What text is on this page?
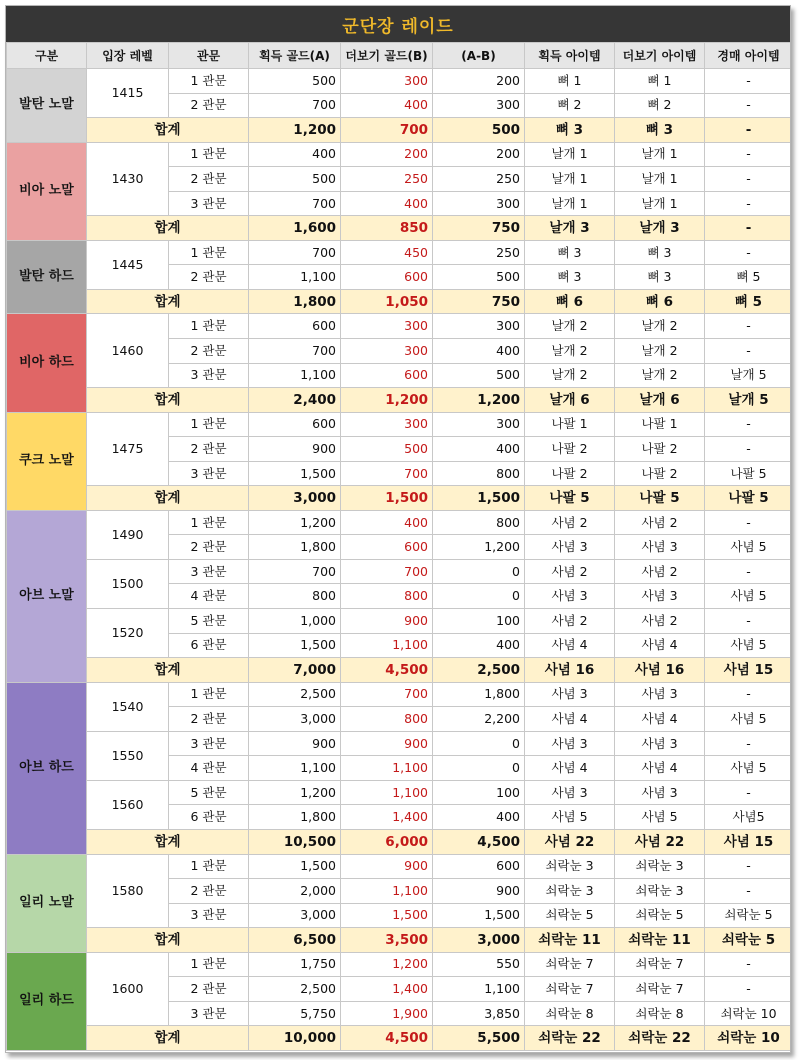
군단장 레이드
구분	입장 레벨	관문	획득 골드(A)	더보기 골드(B)	(A-B)	획득 아이템	더보기 아이템	경매 아이템
발탄 노말	1415	1 관문	500	300	200	뼈 1	뼈 1	-
		2 관문	700	400	300	뼈 2	뼈 2	-
	합계		1,200	700	500	뼈 3	뼈 3	-
비아 노말	1430	1 관문	400	200	200	날개 1	날개 1	-
		2 관문	500	250	250	날개 1	날개 1	-
		3 관문	700	400	300	날개 1	날개 1	-
	합계		1,600	850	750	날개 3	날개 3	-
발탄 하드	1445	1 관문	700	450	250	뼈 3	뼈 3	-
		2 관문	1,100	600	500	뼈 3	뼈 3	뼈 5
	합계		1,800	1,050	750	뼈 6	뼈 6	뼈 5
비아 하드	1460	1 관문	600	300	300	날개 2	날개 2	-
		2 관문	700	300	400	날개 2	날개 2	-
		3 관문	1,100	600	500	날개 2	날개 2	날개 5
	합계		2,400	1,200	1,200	날개 6	날개 6	날개 5
쿠크 노말	1475	1 관문	600	300	300	나팔 1	나팔 1	-
		2 관문	900	500	400	나팔 2	나팔 2	-
		3 관문	1,500	700	800	나팔 2	나팔 2	나팔 5
	합계		3,000	1,500	1,500	나팔 5	나팔 5	나팔 5
아브 노말	1490	1 관문	1,200	400	800	사념 2	사념 2	-
		2 관문	1,800	600	1,200	사념 3	사념 3	사념 5
	1500	3 관문	700	700	0	사념 2	사념 2	-
		4 관문	800	800	0	사념 3	사념 3	사념 5
	1520	5 관문	1,000	900	100	사념 2	사념 2	-
		6 관문	1,500	1,100	400	사념 4	사념 4	사념 5
	합계		7,000	4,500	2,500	사념 16	사념 16	사념 15
아브 하드	1540	1 관문	2,500	700	1,800	사념 3	사념 3	-
		2 관문	3,000	800	2,200	사념 4	사념 4	사념 5
	1550	3 관문	900	900	0	사념 3	사념 3	-
		4 관문	1,100	1,100	0	사념 4	사념 4	사념 5
	1560	5 관문	1,200	1,100	100	사념 3	사념 3	-
		6 관문	1,800	1,400	400	사념 5	사념 5	사념5
	합계		10,500	6,000	4,500	사념 22	사념 22	사념 15
일리 노말	1580	1 관문	1,500	900	600	쇠락눈 3	쇠락눈 3	-
		2 관문	2,000	1,100	900	쇠락눈 3	쇠락눈 3	-
		3 관문	3,000	1,500	1,500	쇠락눈 5	쇠락눈 5	쇠락눈 5
	합계		6,500	3,500	3,000	쇠락눈 11	쇠락눈 11	쇠락눈 5
일리 하드	1600	1 관문	1,750	1,200	550	쇠락눈 7	쇠락눈 7	-
		2 관문	2,500	1,400	1,100	쇠락눈 7	쇠락눈 7	-
		3 관문	5,750	1,900	3,850	쇠락눈 8	쇠락눈 8	쇠락눈 10
	합계		10,000	4,500	5,500	쇠락눈 22	쇠락눈 22	쇠락눈 10
